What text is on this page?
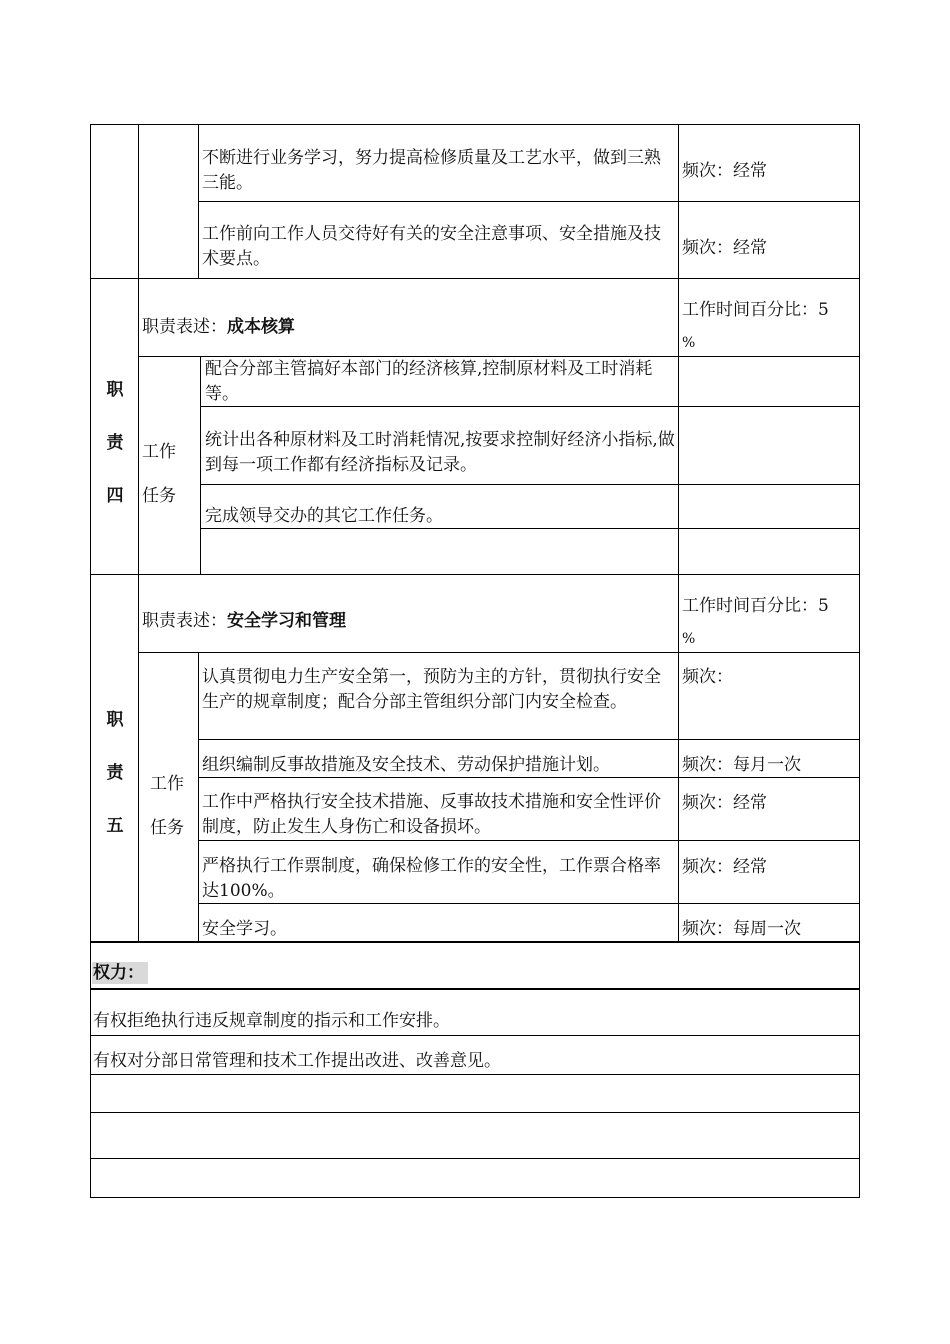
不断进行业务学习，努力提高检修质量及工艺水平，做到三熟三能。
频次：经常
工作前向工作人员交待好有关的安全注意事项、安全措施及技术要点。
频次：经常
职
责
四
职责表述：成本核算
工作时间百分比：5
%
工作
任务
配合分部主管搞好本部门的经济核算,控制原材料及工时消耗等。
统计出各种原材料及工时消耗情况,按要求控制好经济小指标,做到每一项工作都有经济指标及记录。
完成领导交办的其它工作任务。
职
责
五
职责表述：安全学习和管理
工作时间百分比：5
%
工作
任务
认真贯彻电力生产安全第一，预防为主的方针，贯彻执行安全生产的规章制度；配合分部主管组织分部门内安全检查。
频次：
组织编制反事故措施及安全技术、劳动保护措施计划。	频次：每月一次
工作中严格执行安全技术措施、反事故技术措施和安全性评价制度，防止发生人身伤亡和设备损坏。
频次：经常
严格执行工作票制度，确保检修工作的安全性，工作票合格率达100%。
频次：经常
安全学习。	频次：每周一次
权力：
有权拒绝执行违反规章制度的指示和工作安排。
有权对分部日常管理和技术工作提出改进、改善意见。
